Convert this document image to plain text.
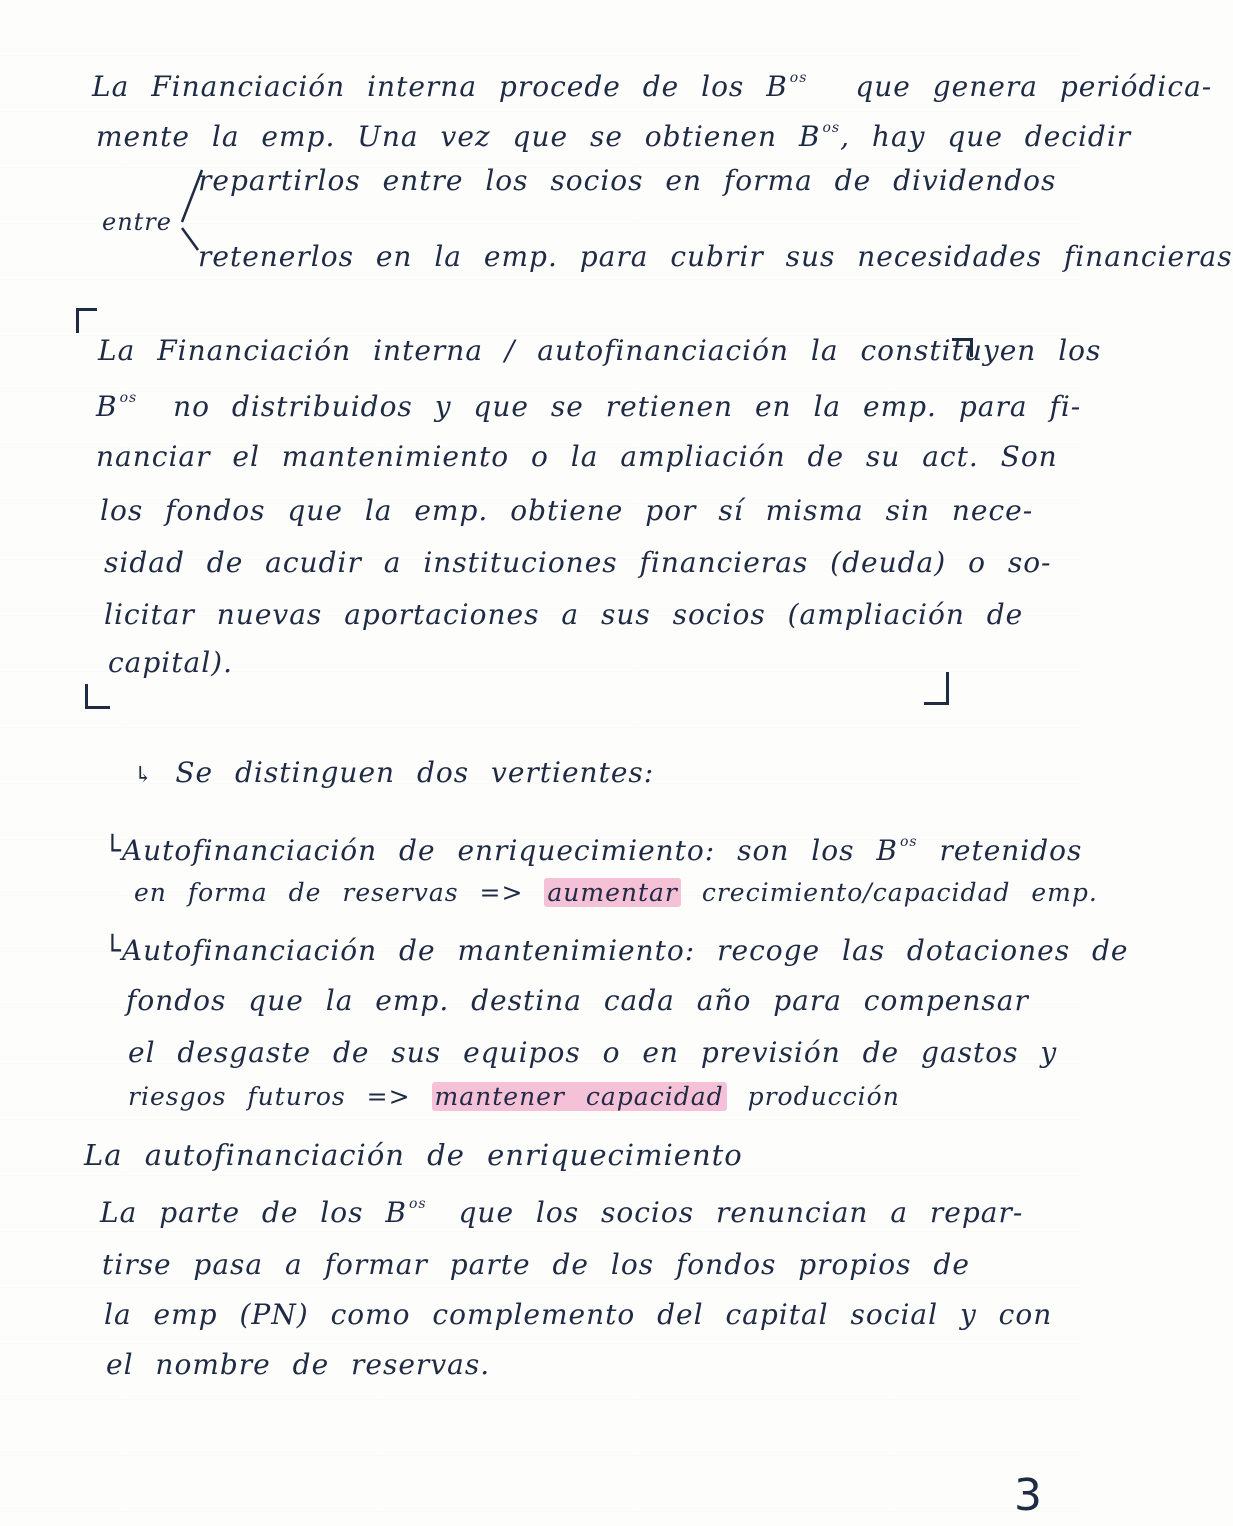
La Financiación interna procede de los B $^{os}$ que genera periódica-
mente la emp. Una vez que se obtienen B $^{os}$, hay que decidir
entre
repartirlos entre los socios en forma de dividendos
retenerlos en la emp. para cubrir sus necesidades financieras
La Financiación interna / autofinanciación la constituyen los
B $^{os}$ no distribuidos y que se retienen en la emp. para fi-
nanciar el mantenimiento o la ampliación de su act. Son
los fondos que la emp. obtiene por sí misma sin nece-
sidad de acudir a instituciones financieras (deuda) o so-
licitar nuevas aportaciones a sus socios (ampliación de
capital).
↳ Se distinguen dos vertientes:
└Autofinanciación de enriquecimiento: son los B $^{os}$ retenidos
en forma de reservas => aumentar crecimiento/capacidad emp.
└Autofinanciación de mantenimiento: recoge las dotaciones de
fondos que la emp. destina cada año para compensar
el desgaste de sus equipos o en previsión de gastos y
riesgos futuros => mantener capacidad producción
La autofinanciación de enriquecimiento
La parte de los B $^{os}$ que los socios renuncian a repar-
tirse pasa a formar parte de los fondos propios de
la emp (PN) como complemento del capital social y con
el nombre de reservas.
3
